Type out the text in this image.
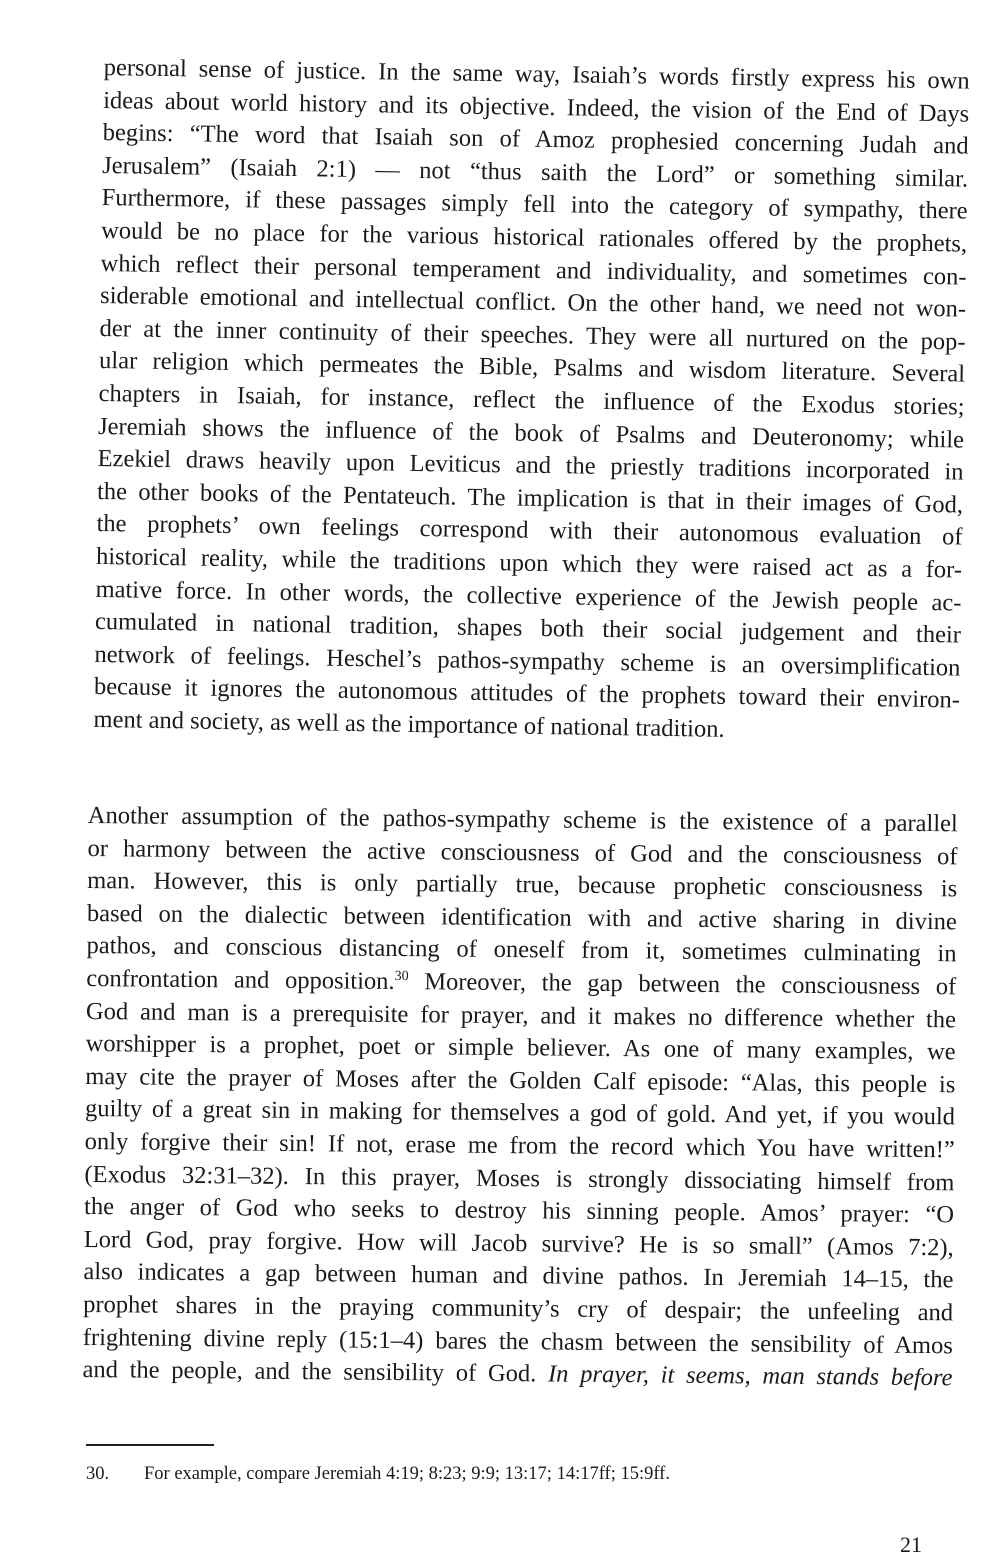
personal sense of justice. In the same way, Isaiah’s words firstly express his own
ideas about world history and its objective. Indeed, the vision of the End of Days
begins: “The word that Isaiah son of Amoz prophesied concerning Judah and
Jerusalem” (Isaiah 2:1) — not “thus saith the Lord” or something similar.
Furthermore, if these passages simply fell into the category of sympathy, there
would be no place for the various historical rationales offered by the prophets,
which reflect their personal temperament and individuality, and sometimes con-
siderable emotional and intellectual conflict. On the other hand, we need not won-
der at the inner continuity of their speeches. They were all nurtured on the pop-
ular religion which permeates the Bible, Psalms and wisdom literature. Several
chapters in Isaiah, for instance, reflect the influence of the Exodus stories;
Jeremiah shows the influence of the book of Psalms and Deuteronomy; while
Ezekiel draws heavily upon Leviticus and the priestly traditions incorporated in
the other books of the Pentateuch. The implication is that in their images of God,
the prophets’ own feelings correspond with their autonomous evaluation of
historical reality, while the traditions upon which they were raised act as a for-
mative force. In other words, the collective experience of the Jewish people ac-
cumulated in national tradition, shapes both their social judgement and their
network of feelings. Heschel’s pathos-sympathy scheme is an oversimplification
because it ignores the autonomous attitudes of the prophets toward their environ-
ment and society, as well as the importance of national tradition.

Another assumption of the pathos-sympathy scheme is the existence of a parallel
or harmony between the active consciousness of God and the consciousness of
man. However, this is only partially true, because prophetic consciousness is
based on the dialectic between identification with and active sharing in divine
pathos, and conscious distancing of oneself from it, sometimes culminating in
confrontation and opposition.$^{30}$ Moreover, the gap between the consciousness of
God and man is a prerequisite for prayer, and it makes no difference whether the
worshipper is a prophet, poet or simple believer. As one of many examples, we
may cite the prayer of Moses after the Golden Calf episode: “Alas, this people is
guilty of a great sin in making for themselves a god of gold. And yet, if you would
only forgive their sin! If not, erase me from the record which You have written!”
(Exodus 32:31–32). In this prayer, Moses is strongly dissociating himself from
the anger of God who seeks to destroy his sinning people. Amos’ prayer: “O
Lord God, pray forgive. How will Jacob survive? He is so small” (Amos 7:2),
also indicates a gap between human and divine pathos. In Jeremiah 14–15, the
prophet shares in the praying community’s cry of despair; the unfeeling and
frightening divine reply (15:1–4) bares the chasm between the sensibility of Amos
and the people, and the sensibility of God. In prayer, it seems, man stands before

30. For example, compare Jeremiah 4:19; 8:23; 9:9; 13:17; 14:17ff; 15:9ff.
21
